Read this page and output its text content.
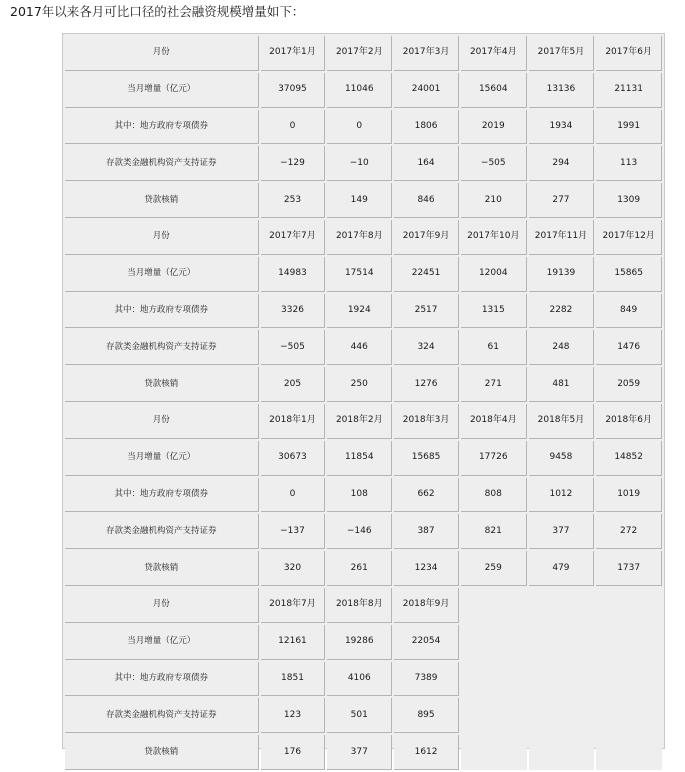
2017年以来各月可比口径的社会融资规模增量如下：
月份	2017年1月	2017年2月	2017年3月	2017年4月	2017年5月	2017年6月
当月增量（亿元）	37095	11046	24001	15604	13136	21131
其中：地方政府专项债券	0	0	1806	2019	1934	1991
存款类金融机构资产支持证券	−129	−10	164	−505	294	113
贷款核销	253	149	846	210	277	1309
月份	2017年7月	2017年8月	2017年9月	2017年10月	2017年11月	2017年12月
当月增量（亿元）	14983	17514	22451	12004	19139	15865
其中：地方政府专项债券	3326	1924	2517	1315	2282	849
存款类金融机构资产支持证券	−505	446	324	61	248	1476
贷款核销	205	250	1276	271	481	2059
月份	2018年1月	2018年2月	2018年3月	2018年4月	2018年5月	2018年6月
当月增量（亿元）	30673	11854	15685	17726	9458	14852
其中：地方政府专项债券	0	108	662	808	1012	1019
存款类金融机构资产支持证券	−137	−146	387	821	377	272
贷款核销	320	261	1234	259	479	1737
月份	2018年7月	2018年8月	2018年9月			
当月增量（亿元）	12161	19286	22054			
其中：地方政府专项债券	1851	4106	7389			
存款类金融机构资产支持证券	123	501	895			
贷款核销	176	377	1612			
